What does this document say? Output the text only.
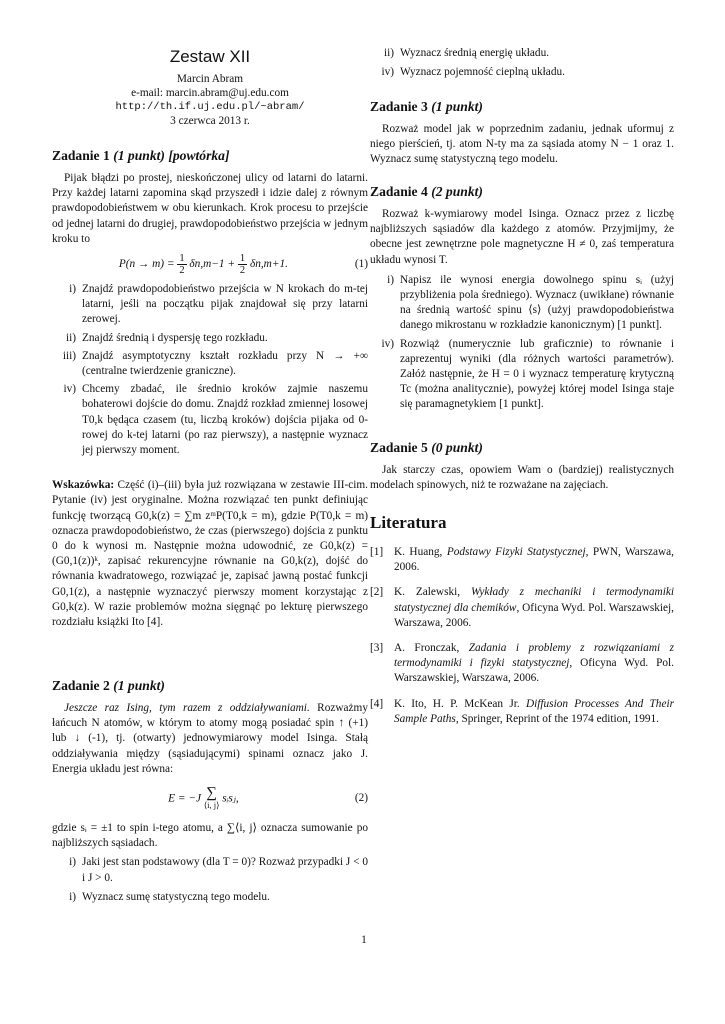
Zestaw XII
Marcin Abram
e-mail: marcin.abram@uj.edu.com
http://th.if.uj.edu.pl/~abram/
3 czerwca 2013 r.
Zadanie 1 (1 punkt) [powtórka]

Pijak błądzi po prostej, nieskończonej ulicy od latarni do latarni. Przy każdej latarni zapomina skąd przyszedł i idzie dalej z równym prawdopodobieństwem w obu kierunkach. Krok procesu to przejście od jednej latarni do drugiej, prawdopodobieństwo przejścia w jednym kroku to

$P(n \to m) = \frac{1}{2} \delta n,m-1 + \frac{1}{2} \delta n,m+1$.	(1)
i) Znajdź prawdopodobieństwo przejścia w N krokach do m-tej latarni, jeśli na początku pijak znajdował się przy latarni zerowej.
ii) Znajdź średnią i dyspersję tego rozkładu.
iii) Znajdź asymptotyczny kształt rozkładu przy N → +∞ (centralne twierdzenie graniczne).
iv) Chcemy zbadać, ile średnio kroków zajmie naszemu bohaterowi dojście do domu. Znajdź rozkład zmiennej losowej T0,k będąca czasem (tu, liczbą kroków) dojścia pijaka od 0-rowej do k-tej latarni (po raz pierwszy), a następnie wyznacz jej pierwszy moment.

Wskazówka: Część (i)–(iii) była już rozwiązana w zestawie III-cim. Pytanie (iv) jest oryginalne. Można rozwiązać ten punkt definiując funkcję tworzącą G0,k(z) = ∑m zᵐP(T0,k = m), gdzie P(T0,k = m) oznacza prawdopodobieństwo, że czas (pierwszego) dojścia z punktu 0 do k wynosi m. Następnie można udowodnić, ze G0,k(z) = (G0,1(z))ᵏ, zapisać rekurencyjne równanie na G0,k(z), dojść do równania kwadratowego, rozwiązać je, zapisać jawną postać funkcji G0,1(z), a następnie wyznaczyć pierwszy moment korzystając z G0,k(z). W razie problemów można sięgnąć po lekturę pierwszego rozdziału książki Ito [4].

Zadanie 2 (1 punkt)

Jeszcze raz Ising, tym razem z oddziaływaniami. Rozważmy łańcuch N atomów, w którym to atomy mogą posiadać spin ↑ (+1) lub ↓ (-1), tj. (otwarty) jednowymiarowy model Isinga. Stałą oddziaływania między (sąsiadującymi) spinami oznacz jako J. Energia układu jest równa:

E = −J ∑
⟨i, j⟩
sᵢsⱼ,	(2)

gdzie sᵢ = ±1 to spin i-tego atomu, a ∑⟨i, j⟩ oznacza sumowanie po najbliższych sąsiadach.

i) Jaki jest stan podstawowy (dla T = 0)? Rozważ przypadki J < 0 i J > 0.
i) Wyznacz sumę statystyczną tego modelu.
ii) Wyznacz średnią energię układu.
iv) Wyznacz pojemność cieplną układu.
Zadanie 3 (1 punkt)

Rozważ model jak w poprzednim zadaniu, jednak uformuj z niego pierścień, tj. atom N-ty ma za sąsiada atomy N − 1 oraz 1. Wyznacz sumę statystyczną tego modelu.

Zadanie 4 (2 punkt)

Rozważ k-wymiarowy model Isinga. Oznacz przez z liczbę najbliższych sąsiadów dla każdego z atomów. Przyjmijmy, że obecne jest zewnętrzne pole magnetyczne H ≠ 0, zaś temperatura układu wynosi T.

i) Napisz ile wynosi energia dowolnego spinu sᵢ (użyj przybliżenia pola średniego). Wyznacz (uwikłane) równanie na średnią wartość spinu ⟨s⟩ (użyj prawdopodobieństwa danego mikrostanu w rozkładzie kanonicznym) [1 punkt].
iv) Rozwiąż (numerycznie lub graficznie) to równanie i zaprezentuj wyniki (dla różnych wartości parametrów). Załóż następnie, że H = 0 i wyznacz temperaturę krytyczną Tc (można analitycznie), powyżej której model Isinga staje się paramagnetykiem [1 punkt].
Zadanie 5 (0 punkt)

Jak starczy czas, opowiem Wam o (bardziej) realistycznych modelach spinowych, niż te rozważane na zajęciach.

Literatura
[1] K. Huang, Podstawy Fizyki Statystycznej, PWN, Warszawa, 2006.
[2] K. Zalewski, Wykłady z mechaniki i termodynamiki statystycznej dla chemików, Oficyna Wyd. Pol. Warszawskiej, Warszawa, 2006.
[3] A. Fronczak, Zadania i problemy z rozwiązaniami z termodynamiki i fizyki statystycznej, Oficyna Wyd. Pol. Warszawskiej, Warszawa, 2006.
[4] K. Ito, H. P. McKean Jr. Diffusion Processes And Their Sample Paths, Springer, Reprint of the 1974 edition, 1991.
1
